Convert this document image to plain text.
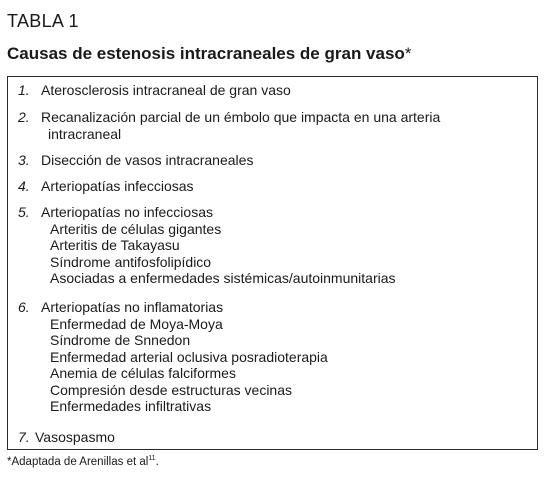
TABLA 1
Causas de estenosis intracraneales de gran vaso*
1. Aterosclerosis intracraneal de gran vaso
2. Recanalización parcial de un émbolo que impacta en una arteria
intracraneal
3. Disección de vasos intracraneales
4. Arteriopatías infecciosas
5. Arteriopatías no infecciosas
Arteritis de células gigantes
Arteritis de Takayasu
Síndrome antifosfolipídico
Asociadas a enfermedades sistémicas/autoinmunitarias
6. Arteriopatías no inflamatorias
Enfermedad de Moya-Moya
Síndrome de Snnedon
Enfermedad arterial oclusiva posradioterapia
Anemia de células falciformes
Compresión desde estructuras vecinas
Enfermedades infiltrativas
7. Vasospasmo
*Adaptada de Arenillas et $al^{11}$.
